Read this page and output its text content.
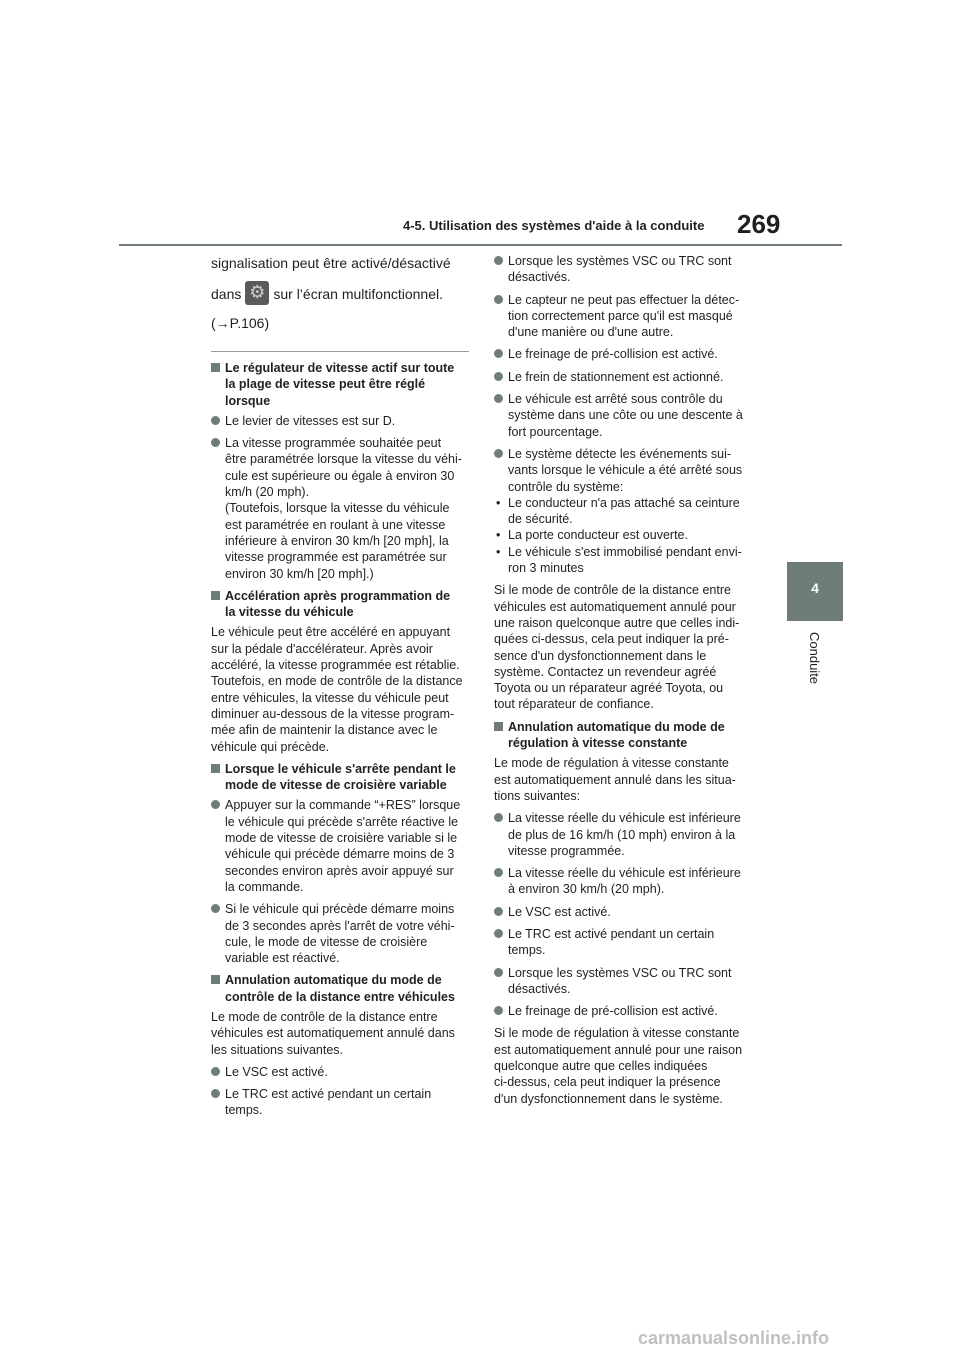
4-5. Utilisation des systèmes d'aide à la conduite 269
4
Conduite

signalisation peut être activé/désactivé
dans⚙ sur l’écran multifonctionnel.
(→P.106)

Le régulateur de vitesse actif sur toute
la plage de vitesse peut être réglé
lorsque
Le levier de vitesses est sur D.
La vitesse programmée souhaitée peut
être paramétrée lorsque la vitesse du véhi-
cule est supérieure ou égale à environ 30
km/h (20 mph).
(Toutefois, lorsque la vitesse du véhicule
est paramétrée en roulant à une vitesse
inférieure à environ 30 km/h [20 mph], la
vitesse programmée est paramétrée sur
environ 30 km/h [20 mph].)
Accélération après programmation de
la vitesse du véhicule

Le véhicule peut être accéléré en appuyant
sur la pédale d'accélérateur. Après avoir
accéléré, la vitesse programmée est rétablie.
Toutefois, en mode de contrôle de la distance
entre véhicules, la vitesse du véhicule peut
diminuer au-dessous de la vitesse program-
mée afin de maintenir la distance avec le
véhicule qui précède.

Lorsque le véhicule s'arrête pendant le
mode de vitesse de croisière variable
Appuyer sur la commande “+RES” lorsque
le véhicule qui précède s'arrête réactive le
mode de vitesse de croisière variable si le
véhicule qui précède démarre moins de 3
secondes environ après avoir appuyé sur
la commande.
Si le véhicule qui précède démarre moins
de 3 secondes après l'arrêt de votre véhi-
cule, le mode de vitesse de croisière
variable est réactivé.
Annulation automatique du mode de
contrôle de la distance entre véhicules

Le mode de contrôle de la distance entre
véhicules est automatiquement annulé dans
les situations suivantes.

Le VSC est activé.
Le TRC est activé pendant un certain
temps.
Lorsque les systèmes VSC ou TRC sont
désactivés.
Le capteur ne peut pas effectuer la détec-
tion correctement parce qu'il est masqué
d'une manière ou d'une autre.
Le freinage de pré-collision est activé.
Le frein de stationnement est actionné.
Le véhicule est arrêté sous contrôle du
système dans une côte ou une descente à
fort pourcentage.
Le système détecte les événements sui-
vants lorsque le véhicule a été arrêté sous
contrôle du système:
• Le conducteur n'a pas attaché sa ceinture
de sécurité.
• La porte conducteur est ouverte.
• Le véhicule s'est immobilisé pendant envi-
ron 3 minutes

Si le mode de contrôle de la distance entre
véhicules est automatiquement annulé pour
une raison quelconque autre que celles indi-
quées ci-dessus, cela peut indiquer la pré-
sence d'un dysfonctionnement dans le
système. Contactez un revendeur agréé
Toyota ou un réparateur agréé Toyota, ou
tout réparateur de confiance.

Annulation automatique du mode de
régulation à vitesse constante

Le mode de régulation à vitesse constante
est automatiquement annulé dans les situa-
tions suivantes:

La vitesse réelle du véhicule est inférieure
de plus de 16 km/h (10 mph) environ à la
vitesse programmée.
La vitesse réelle du véhicule est inférieure
à environ 30 km/h (20 mph).
Le VSC est activé.
Le TRC est activé pendant un certain
temps.
Lorsque les systèmes VSC ou TRC sont
désactivés.
Le freinage de pré-collision est activé.

Si le mode de régulation à vitesse constante
est automatiquement annulé pour une raison
quelconque autre que celles indiquées
ci-dessus, cela peut indiquer la présence
d'un dysfonctionnement dans le système.

carmanualsonline.info
